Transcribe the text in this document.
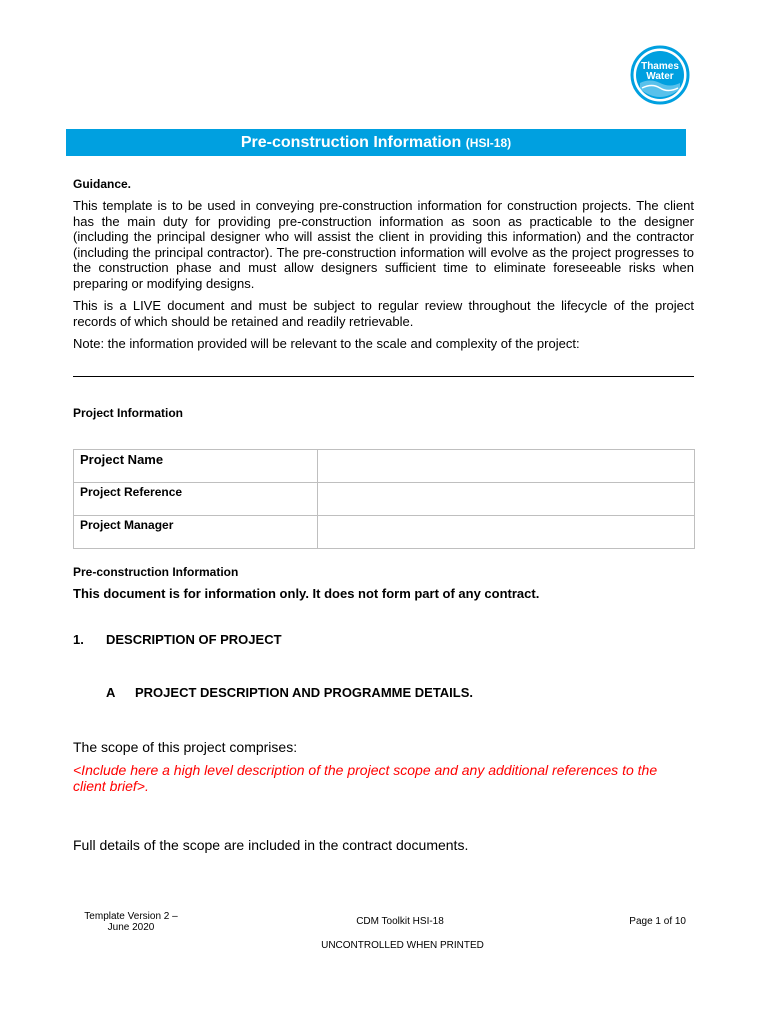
Thames
Water
Pre-construction Information (HSI-18)
Guidance.
This template is to be used in conveying pre-construction information for construction projects. The client has the main duty for providing pre-construction information as soon as practicable to the designer (including the principal designer who will assist the client in providing this information) and the contractor (including the principal contractor). The pre-construction information will evolve as the project progresses to the construction phase and must allow designers sufficient time to eliminate foreseeable risks when preparing or modifying designs.
This is a LIVE document and must be subject to regular review throughout the lifecycle of the project records of which should be retained and readily retrievable.
Note: the information provided will be relevant to the scale and complexity of the project:
Project Information
Project Name	
Project Reference	
Project Manager	
Pre-construction Information
This document is for information only. It does not form part of any contract.
1. DESCRIPTION OF PROJECT
A PROJECT DESCRIPTION AND PROGRAMME DETAILS.
The scope of this project comprises:
<Include here a high level description of the project scope and any additional references to the client brief>.
Full details of the scope are included in the contract documents.
Template Version 2 –
June 2020
CDM Toolkit HSI-18	Page 1 of 10
UNCONTROLLED WHEN PRINTED
